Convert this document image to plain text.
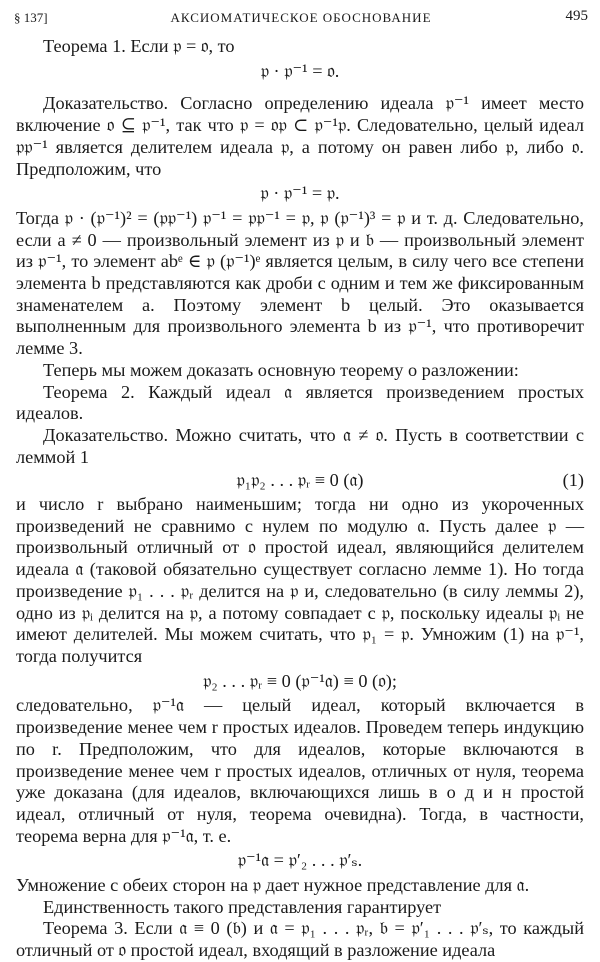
§ 137]	АКСИОМАТИЧЕСКОЕ ОБОСНОВАНИЕ	495

Теорема 1. Если 𝔭 = 𝔬, то

𝔭 · 𝔭⁻¹ = 𝔬.

Доказательство. Согласно определению идеала 𝔭⁻¹ имеет место включение 𝔬 ⊆ 𝔭⁻¹, так что 𝔭 = 𝔬𝔭 ⊂ 𝔭⁻¹𝔭. Следовательно, целый идеал 𝔭𝔭⁻¹ является делителем идеала 𝔭, а потому он равен либо 𝔭, либо 𝔬. Предположим, что

𝔭 · 𝔭⁻¹ = 𝔭.

Тогда 𝔭 · (𝔭⁻¹)² = (𝔭𝔭⁻¹) 𝔭⁻¹ = 𝔭𝔭⁻¹ = 𝔭, 𝔭 (𝔭⁻¹)³ = 𝔭 и т. д. Следовательно, если a ≠ 0 — произвольный элемент из 𝔭 и 𝔟 — произвольный элемент из 𝔭⁻¹, то элемент abᵉ ∈ 𝔭 (𝔭⁻¹)ᵉ является целым, в силу чего все степени элемента b представляются как дроби с одним и тем же фиксированным знаменателем a. Поэтому элемент b целый. Это оказывается выполненным для произвольного элемента b из 𝔭⁻¹, что противоречит лемме 3.

Теперь мы можем доказать основную теорему о разложении:

Теорема 2. Каждый идеал 𝔞 является произведением простых идеалов.

Доказательство. Можно считать, что 𝔞 ≠ 𝔬. Пусть в соответствии с леммой 1

𝔭₁𝔭₂ . . . 𝔭ᵣ ≡ 0 (𝔞)	(1)

и число r выбрано наименьшим; тогда ни одно из укороченных произведений не сравнимо с нулем по модулю 𝔞. Пусть далее 𝔭 — произвольный отличный от 𝔬 простой идеал, являющийся делителем идеала 𝔞 (таковой обязательно существует согласно лемме 1). Но тогда произведение 𝔭₁ . . . 𝔭ᵣ делится на 𝔭 и, следовательно (в силу леммы 2), одно из 𝔭ᵢ делится на 𝔭, а потому совпадает с 𝔭, поскольку идеалы 𝔭ᵢ не имеют делителей. Мы можем считать, что 𝔭₁ = 𝔭. Умножим (1) на 𝔭⁻¹, тогда получится

𝔭₂ . . . 𝔭ᵣ ≡ 0 (𝔭⁻¹𝔞) ≡ 0 (𝔬);

следовательно, 𝔭⁻¹𝔞 — целый идеал, который включается в произведение менее чем r простых идеалов. Проведем теперь индукцию по r. Предположим, что для идеалов, которые включаются в произведение менее чем r простых идеалов, отличных от нуля, теорема уже доказана (для идеалов, включающихся лишь в о д и н простой идеал, отличный от нуля, теорема очевидна). Тогда, в частности, теорема верна для 𝔭⁻¹𝔞, т. е.

𝔭⁻¹𝔞 = 𝔭′₂ . . . 𝔭′ₛ.

Умножение с обеих сторон на 𝔭 дает нужное представление для 𝔞.

Единственность такого представления гарантирует

Теорема 3. Если 𝔞 ≡ 0 (𝔟) и 𝔞 = 𝔭₁ . . . 𝔭ᵣ, 𝔟 = 𝔭′₁ . . . 𝔭′ₛ, то каждый отличный от 𝔬 простой идеал, входящий в разложение идеала
